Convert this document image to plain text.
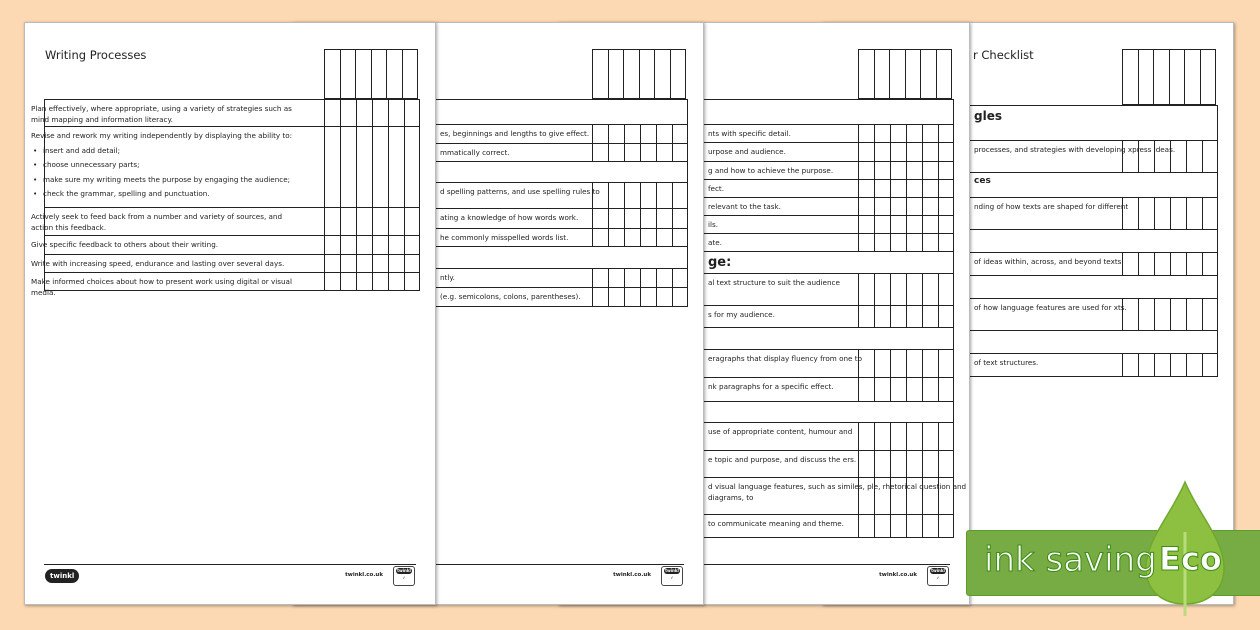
Writing Processes
Plan effectively, where appropriate, using a variety of strategies such as mind mapping and information literacy.
Revise and rework my writing independently by displaying the ability to:
• insert and add detail;
• choose unnecessary parts;
• make sure my writing meets the purpose by engaging the audience;
• check the grammar, spelling and punctuation.
Actively seek to feed back from a number and variety of sources, and action this feedback.
Give specific feedback to others about their writing.
Write with increasing speed, endurance and lasting over several days.
Make informed choices about how to present work using digital or visual media.
twinkl	twinkl.co.uk
twinkl
✓
es, beginnings and lengths to give effect.
mmatically correct.
d spelling patterns, and use spelling rules to
ating a knowledge of how words work.
he commonly misspelled words list.
ntly.
(e.g. semicolons, colons, parentheses).
twinkl.co.uk
twinkl
✓
nts with specific detail.
urpose and audience.
g and how to achieve the purpose.
fect.
relevant to the task.
ils.
ate.
ge:
al text structure to suit the audience
s for my audience.
eragraphs that display fluency from one to
nk paragraphs for a specific effect.
use of appropriate content, humour and
e topic and purpose, and discuss the ers.
d visual language features, such as similes, ple, rhetorical question and diagrams, to
to communicate meaning and theme.
twinkl.co.uk
twinkl
✓
r Checklist
gles
processes, and strategies with developing xpress ideas.
ces
nding of how texts are shaped for different
of ideas within, across, and beyond texts.
of how language features are used for xts.
of text structures.
ink saving Eco
